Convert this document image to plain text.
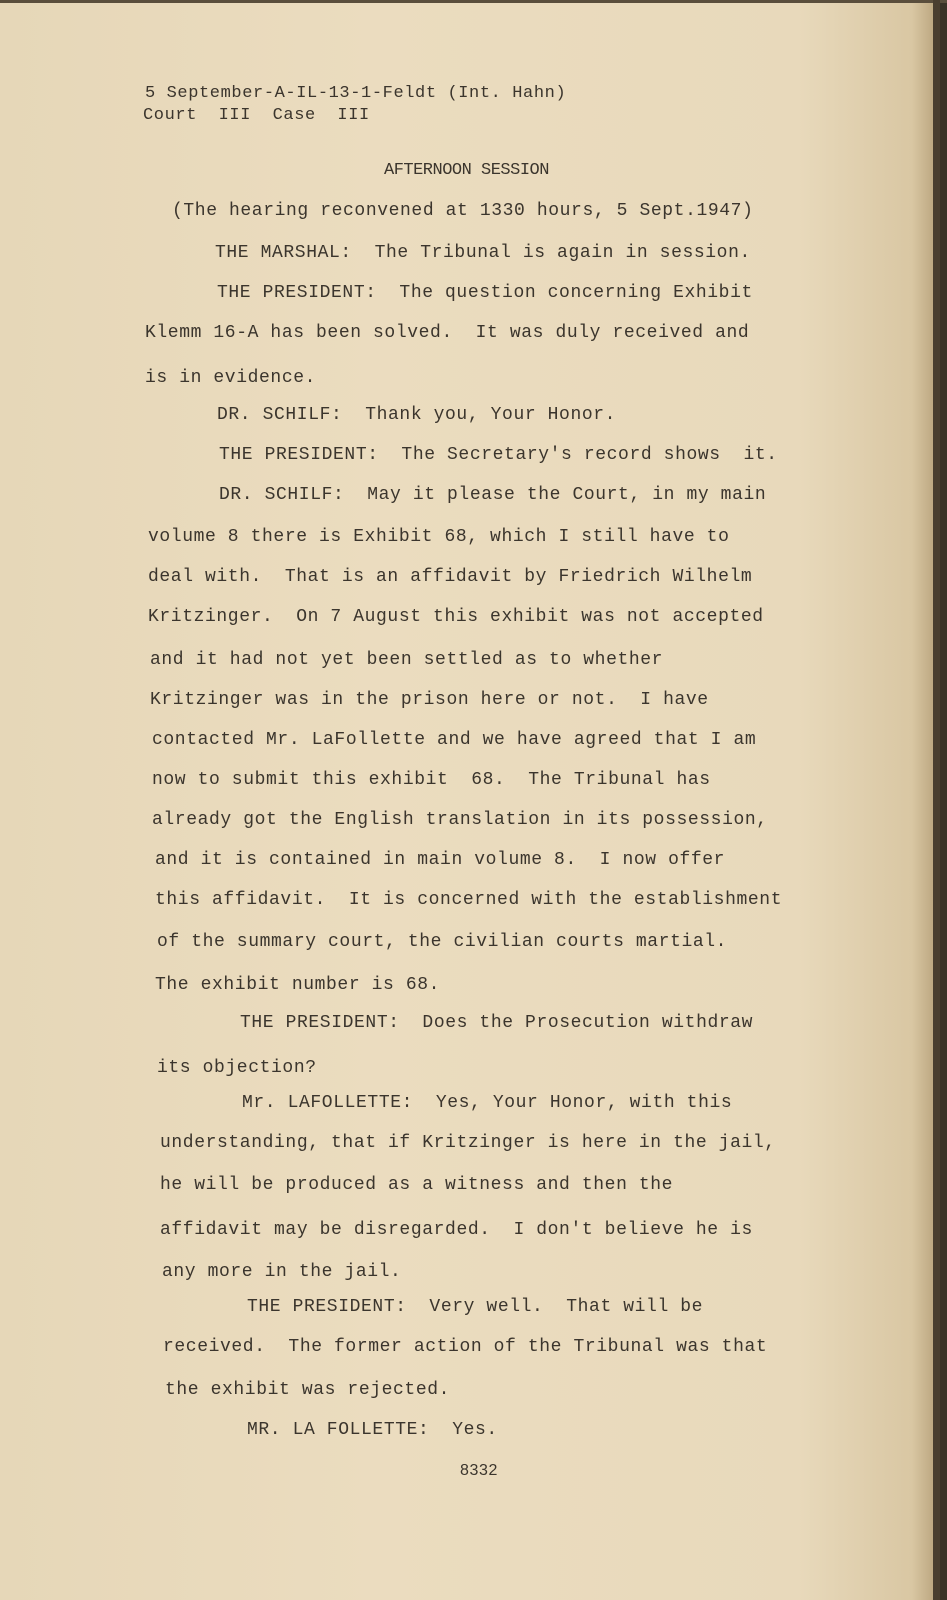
5 September-A-IL-13-1-Feldt (Int. Hahn)
Court  III  Case  III
AFTERNOON SESSION
(The hearing reconvened at 1330 hours, 5 Sept.1947)
THE MARSHAL:  The Tribunal is again in session.
THE PRESIDENT:  The question concerning Exhibit
Klemm 16-A has been solved.  It was duly received and
is in evidence.
DR. SCHILF:  Thank you, Your Honor.
THE PRESIDENT:  The Secretary's record shows  it.
DR. SCHILF:  May it please the Court, in my main
volume 8 there is Exhibit 68, which I still have to
deal with.  That is an affidavit by Friedrich Wilhelm
Kritzinger.  On 7 August this exhibit was not accepted
and it had not yet been settled as to whether
Kritzinger was in the prison here or not.  I have
contacted Mr. LaFollette and we have agreed that I am
now to submit this exhibit  68.  The Tribunal has
already got the English translation in its possession,
and it is contained in main volume 8.  I now offer
this affidavit.  It is concerned with the establishment
of the summary court, the civilian courts martial.
The exhibit number is 68.
THE PRESIDENT:  Does the Prosecution withdraw
its objection?
Mr. LAFOLLETTE:  Yes, Your Honor, with this
understanding, that if Kritzinger is here in the jail,
he will be produced as a witness and then the
affidavit may be disregarded.  I don't believe he is
any more in the jail.
THE PRESIDENT:  Very well.  That will be
received.  The former action of the Tribunal was that
the exhibit was rejected.
MR. LA FOLLETTE:  Yes.
8332
